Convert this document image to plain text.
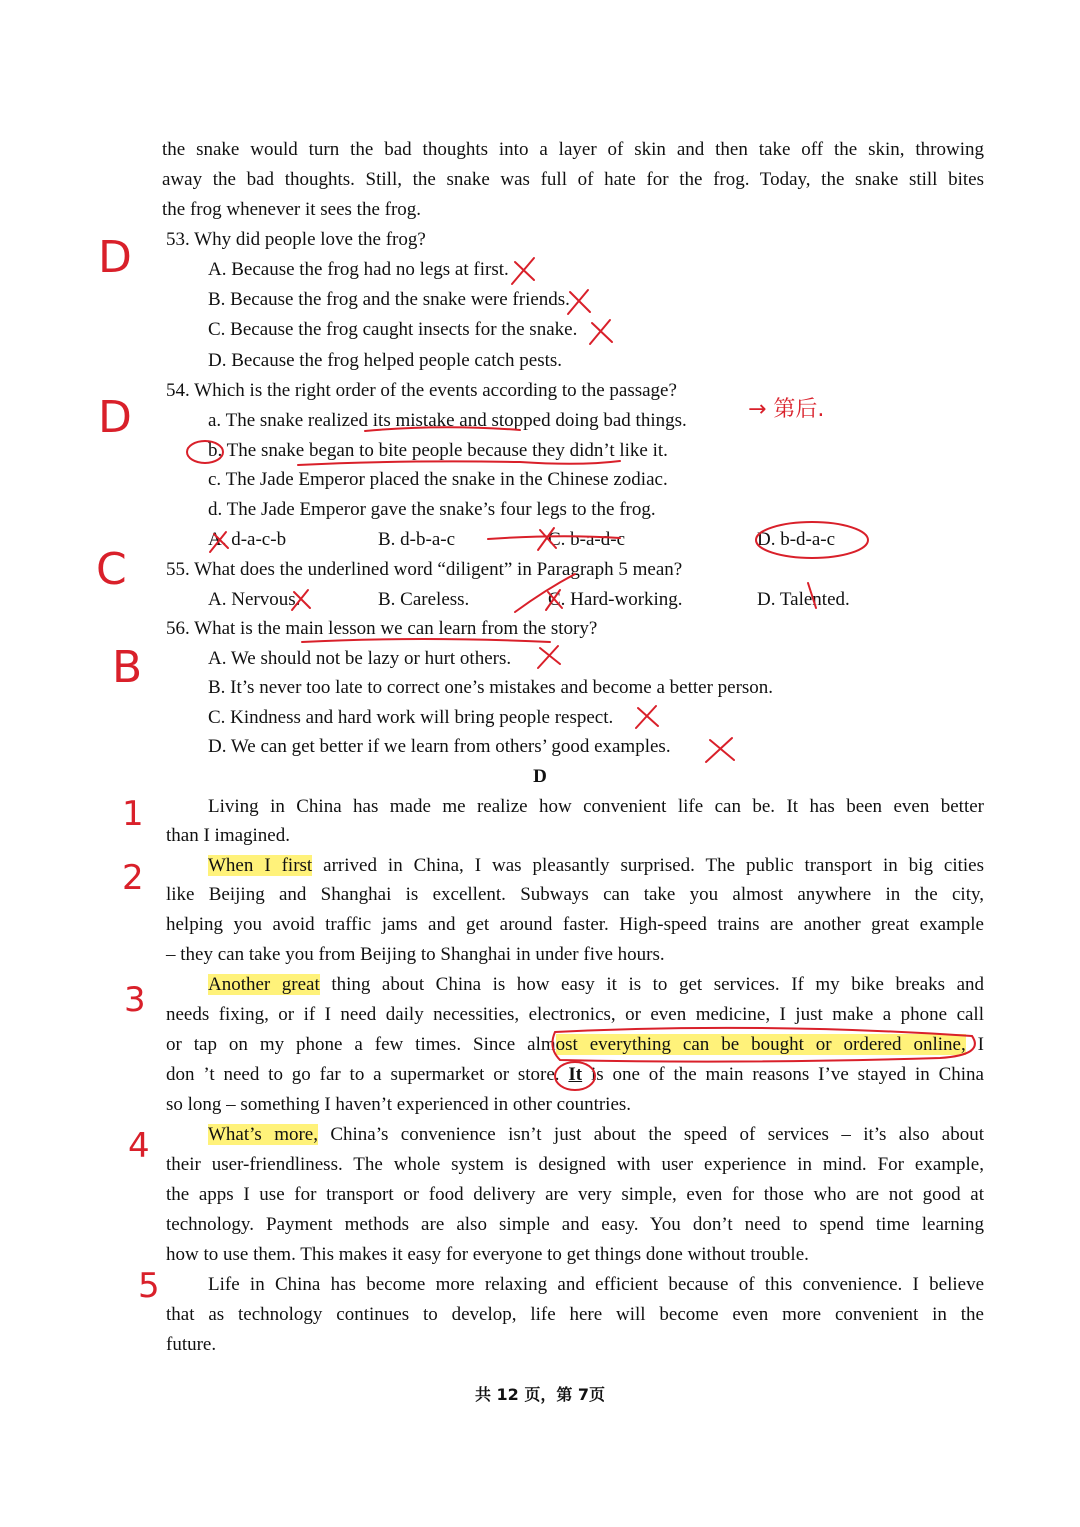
the snake would turn the bad thoughts into a layer of skin and then take off the skin, throwing
away the bad thoughts. Still, the snake was full of hate for the frog. Today, the snake still bites
the frog whenever it sees the frog.
53. Why did people love the frog?
A. Because the frog had no legs at first.
B. Because the frog and the snake were friends.
C. Because the frog caught insects for the snake.
D. Because the frog helped people catch pests.
54. Which is the right order of the events according to the passage?
a. The snake realized its mistake and stopped doing bad things.
b. The snake began to bite people because they didn’t like it.
c. The Jade Emperor placed the snake in the Chinese zodiac.
d. The Jade Emperor gave the snake’s four legs to the frog.
A. d-a-c-b	B. d-b-a-c	C. b-a-d-c	D. b-d-a-c
55. What does the underlined word “diligent” in Paragraph 5 mean?
A. Nervous.	B. Careless.	C. Hard-working.	D. Talented.
56. What is the main lesson we can learn from the story?
A. We should not be lazy or hurt others.
B. It’s never too late to correct one’s mistakes and become a better person.
C. Kindness and hard work will bring people respect.
D. We can get better if we learn from others’ good examples.
D
Living in China has made me realize how convenient life can be. It has been even better
than I imagined.
When I first arrived in China, I was pleasantly surprised. The public transport in big cities
like Beijing and Shanghai is excellent. Subways can take you almost anywhere in the city,
helping you avoid traffic jams and get around faster. High-speed trains are another great example
– they can take you from Beijing to Shanghai in under five hours.
Another great thing about China is how easy it is to get services. If my bike breaks and
needs fixing, or if I need daily necessities, electronics, or even medicine, I just make a phone call
or tap on my phone a few times. Since almost everything can be bought or ordered online, I
don ’t need to go far to a supermarket or store. It is one of the main reasons I’ve stayed in China
so long – something I haven’t experienced in other countries.
What’s more, China’s convenience isn’t just about the speed of services – it’s also about
their user-friendliness. The whole system is designed with user experience in mind. For example,
the apps I use for transport or food delivery are very simple, even for those who are not good at
technology. Payment methods are also simple and easy. You don’t need to spend time learning
how to use them. This makes it easy for everyone to get things done without trouble.
Life in China has become more relaxing and efficient because of this convenience. I believe
that as technology continues to develop, life here will become even more convenient in the
future.
共 12 页，第 7页
D
D
C
B
1
2
3
4
5
→ 第后.
